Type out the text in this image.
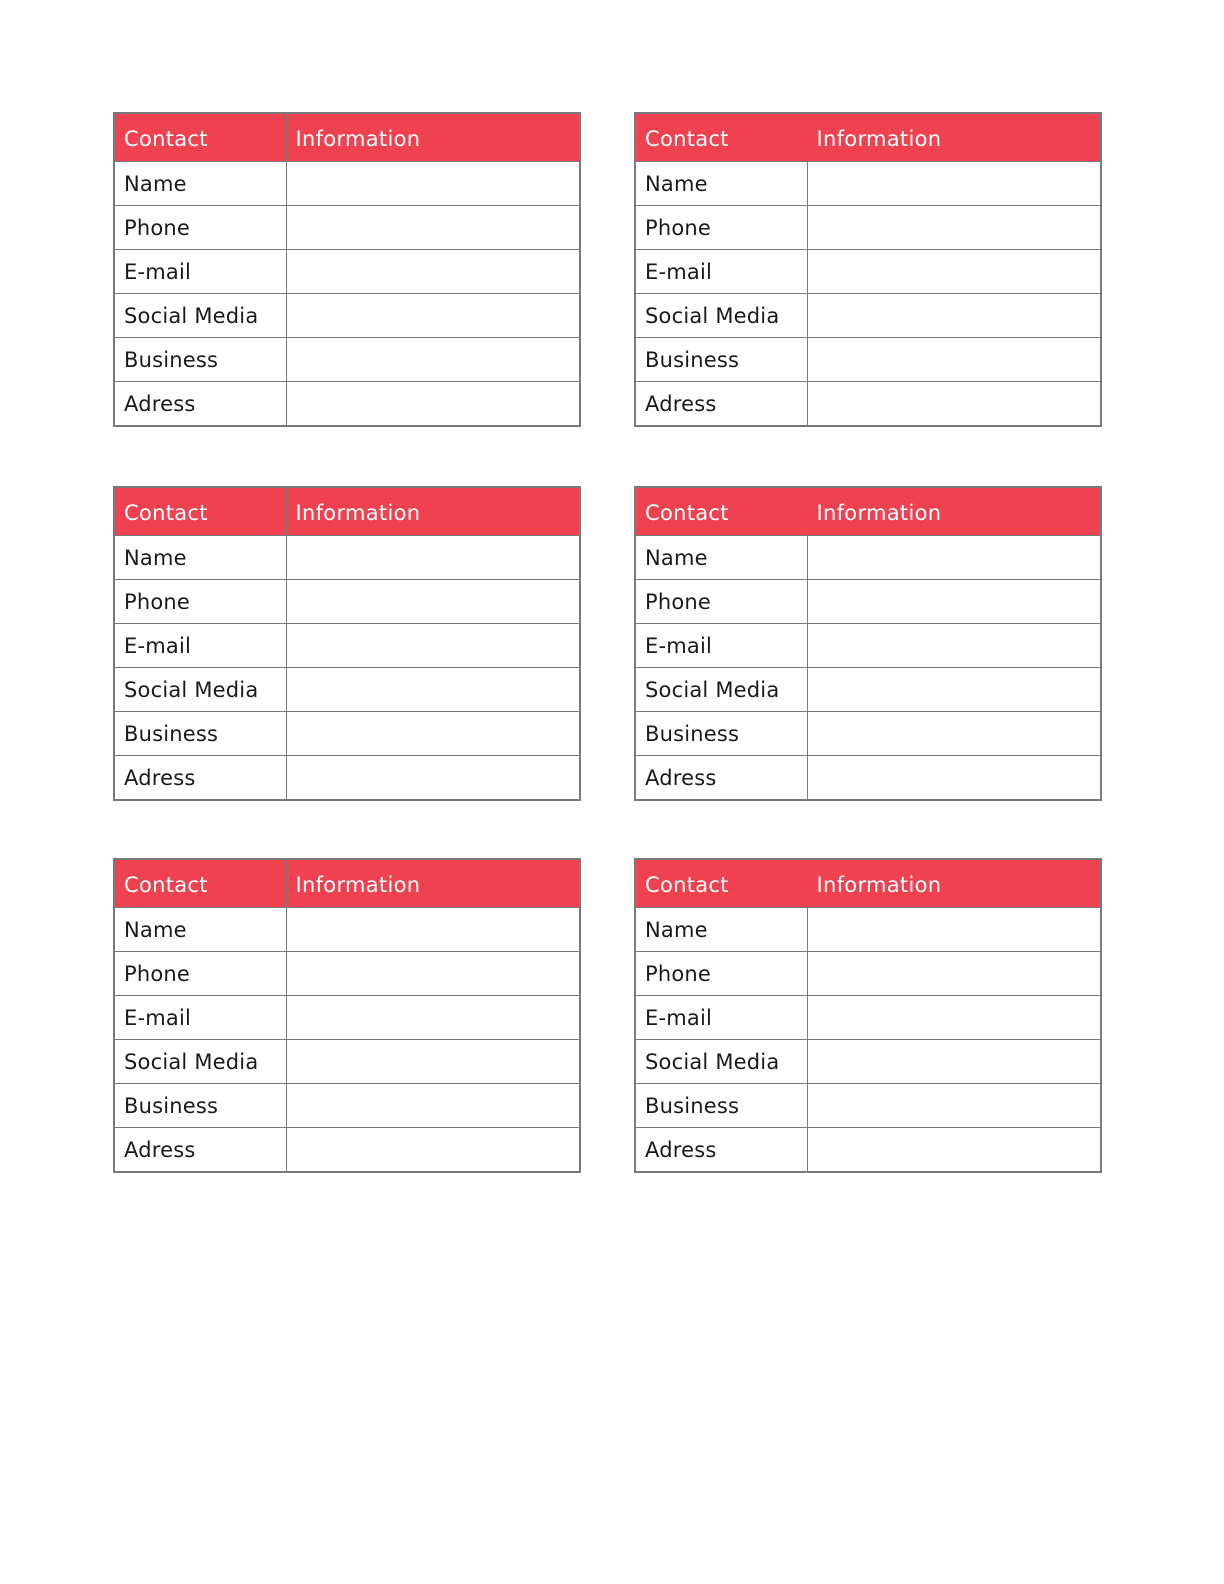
Contact	Information
Name	
Phone	
E-mail	
Social Media	
Business	
Adress	
Contact	Information
Name	
Phone	
E-mail	
Social Media	
Business	
Adress	
Contact	Information
Name	
Phone	
E-mail	
Social Media	
Business	
Adress	
Contact	Information
Name	
Phone	
E-mail	
Social Media	
Business	
Adress	
Contact	Information
Name	
Phone	
E-mail	
Social Media	
Business	
Adress	
Contact	Information
Name	
Phone	
E-mail	
Social Media	
Business	
Adress	
